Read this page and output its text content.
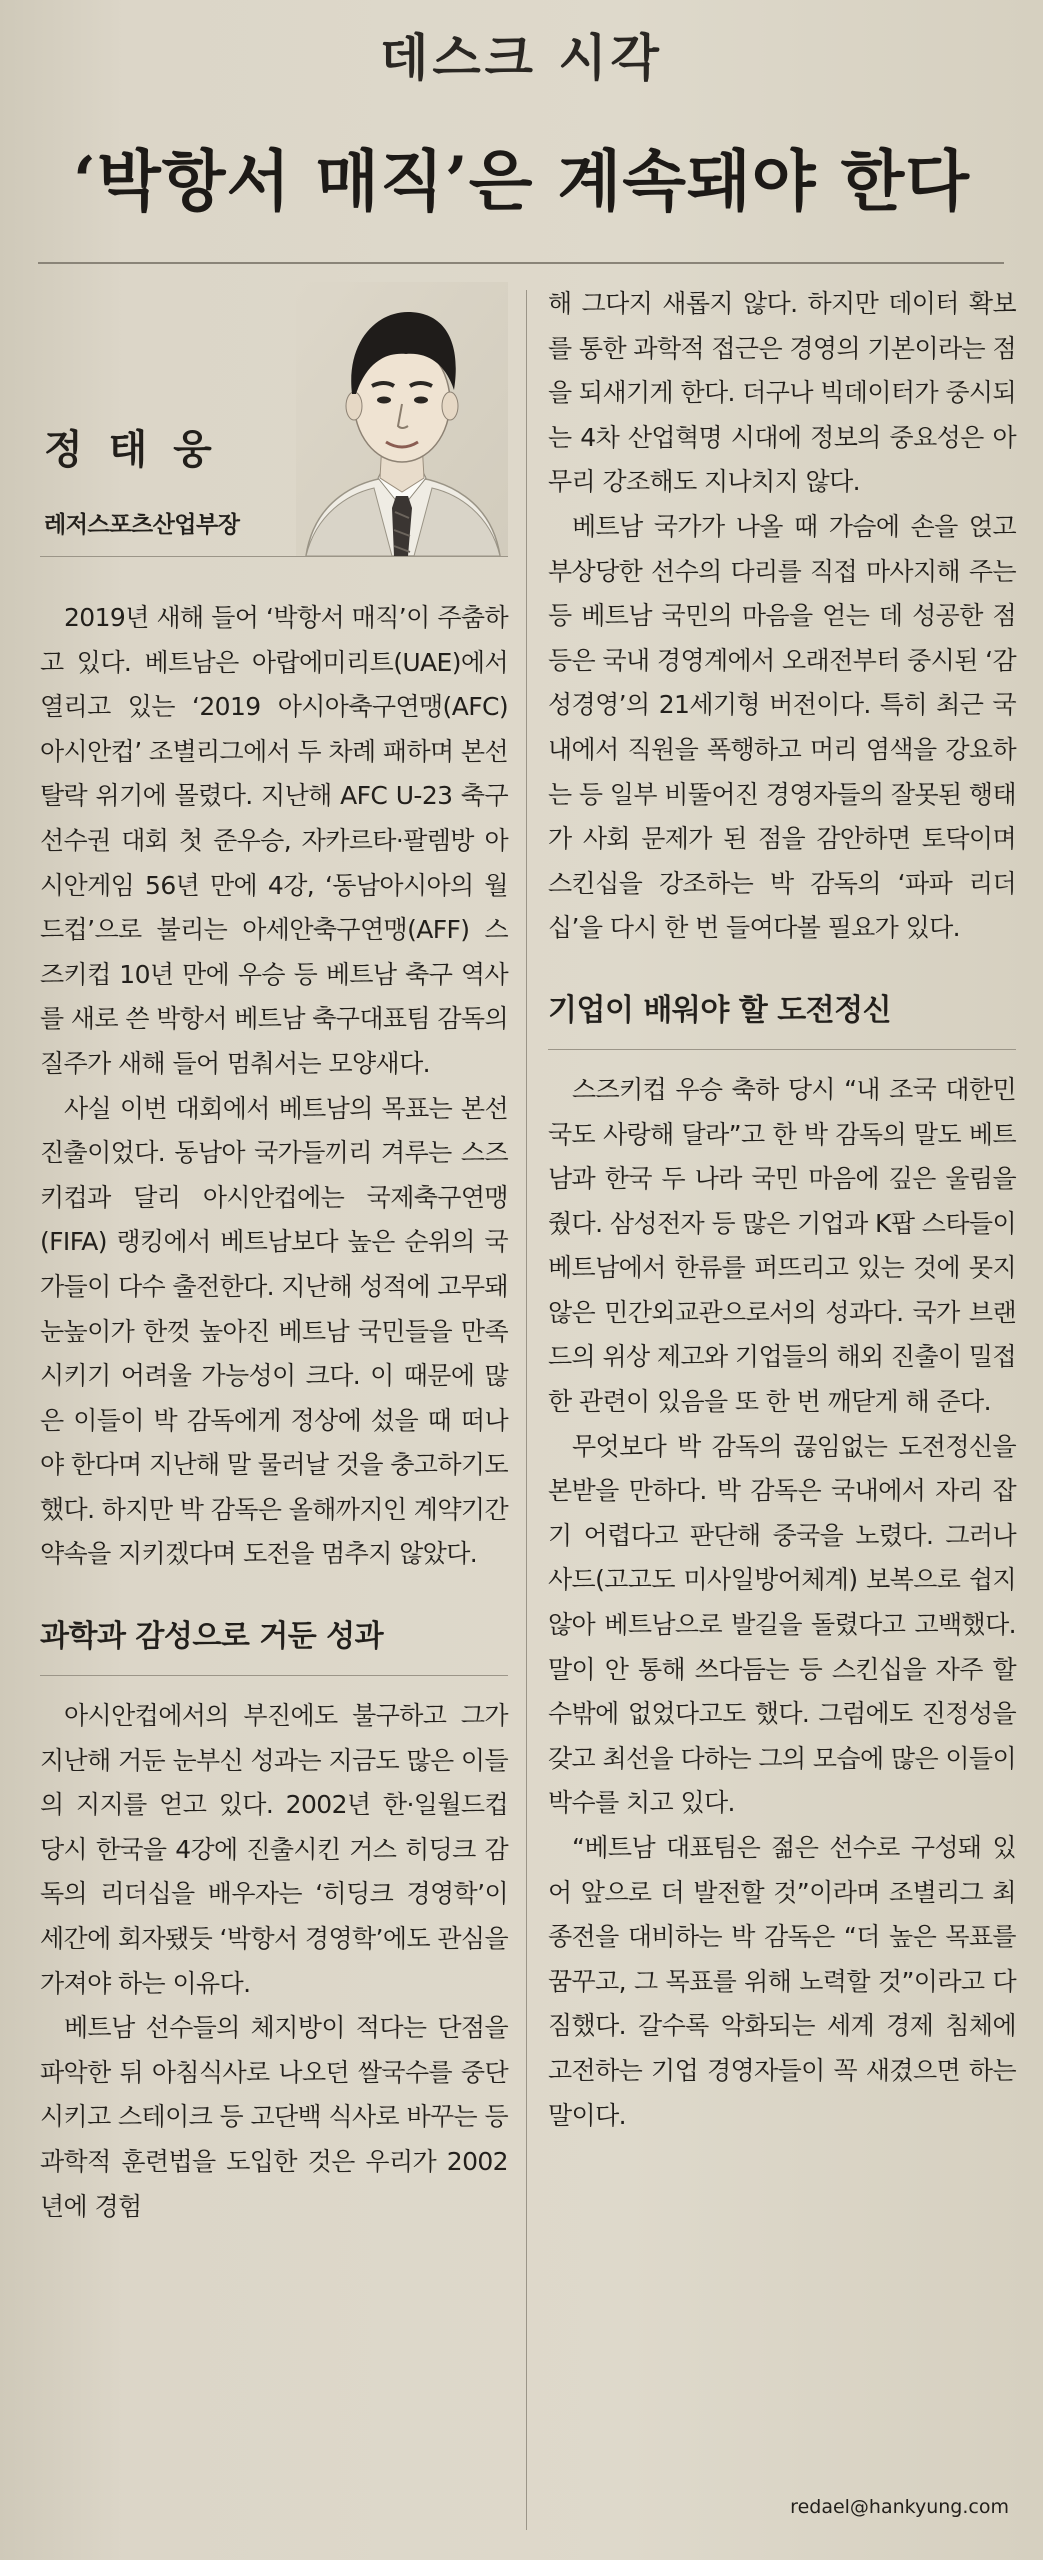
데스크 시각
‘박항서 매직’은 계속돼야 한다
정 태 웅
레저스포츠산업부장

2019년 새해 들어 ‘박항서 매직’이 주춤하고 있다. 베트남은 아랍에미리트(UAE)에서 열리고 있는 ‘2019 아시아축구연맹(AFC) 아시안컵’ 조별리그에서 두 차례 패하며 본선 탈락 위기에 몰렸다. 지난해 AFC U-23 축구 선수권 대회 첫 준우승, 자카르타·팔렘방 아시안게임 56년 만에 4강, ‘동남아시아의 월드컵’으로 불리는 아세안축구연맹(AFF) 스즈키컵 10년 만에 우승 등 베트남 축구 역사를 새로 쓴 박항서 베트남 축구대표팀 감독의 질주가 새해 들어 멈춰서는 모양새다.

사실 이번 대회에서 베트남의 목표는 본선 진출이었다. 동남아 국가들끼리 겨루는 스즈키컵과 달리 아시안컵에는 국제축구연맹(FIFA) 랭킹에서 베트남보다 높은 순위의 국가들이 다수 출전한다. 지난해 성적에 고무돼 눈높이가 한껏 높아진 베트남 국민들을 만족시키기 어려울 가능성이 크다. 이 때문에 많은 이들이 박 감독에게 정상에 섰을 때 떠나야 한다며 지난해 말 물러날 것을 충고하기도 했다. 하지만 박 감독은 올해까지인 계약기간 약속을 지키겠다며 도전을 멈추지 않았다.

과학과 감성으로 거둔 성과

아시안컵에서의 부진에도 불구하고 그가 지난해 거둔 눈부신 성과는 지금도 많은 이들의 지지를 얻고 있다. 2002년 한·일월드컵 당시 한국을 4강에 진출시킨 거스 히딩크 감독의 리더십을 배우자는 ‘히딩크 경영학’이 세간에 회자됐듯 ‘박항서 경영학’에도 관심을 가져야 하는 이유다.

베트남 선수들의 체지방이 적다는 단점을 파악한 뒤 아침식사로 나오던 쌀국수를 중단시키고 스테이크 등 고단백 식사로 바꾸는 등 과학적 훈련법을 도입한 것은 우리가 2002년에 경험

해 그다지 새롭지 않다. 하지만 데이터 확보를 통한 과학적 접근은 경영의 기본이라는 점을 되새기게 한다. 더구나 빅데이터가 중시되는 4차 산업혁명 시대에 정보의 중요성은 아무리 강조해도 지나치지 않다.

베트남 국가가 나올 때 가슴에 손을 얹고 부상당한 선수의 다리를 직접 마사지해 주는 등 베트남 국민의 마음을 얻는 데 성공한 점 등은 국내 경영계에서 오래전부터 중시된 ‘감성경영’의 21세기형 버전이다. 특히 최근 국내에서 직원을 폭행하고 머리 염색을 강요하는 등 일부 비뚤어진 경영자들의 잘못된 행태가 사회 문제가 된 점을 감안하면 토닥이며 스킨십을 강조하는 박 감독의 ‘파파 리더십’을 다시 한 번 들여다볼 필요가 있다.

기업이 배워야 할 도전정신

스즈키컵 우승 축하 당시 “내 조국 대한민국도 사랑해 달라”고 한 박 감독의 말도 베트남과 한국 두 나라 국민 마음에 깊은 울림을 줬다. 삼성전자 등 많은 기업과 K팝 스타들이 베트남에서 한류를 퍼뜨리고 있는 것에 못지않은 민간외교관으로서의 성과다. 국가 브랜드의 위상 제고와 기업들의 해외 진출이 밀접한 관련이 있음을 또 한 번 깨닫게 해 준다.

무엇보다 박 감독의 끊임없는 도전정신을 본받을 만하다. 박 감독은 국내에서 자리 잡기 어렵다고 판단해 중국을 노렸다. 그러나 사드(고고도 미사일방어체계) 보복으로 쉽지 않아 베트남으로 발길을 돌렸다고 고백했다. 말이 안 통해 쓰다듬는 등 스킨십을 자주 할 수밖에 없었다고도 했다. 그럼에도 진정성을 갖고 최선을 다하는 그의 모습에 많은 이들이 박수를 치고 있다.

“베트남 대표팀은 젊은 선수로 구성돼 있어 앞으로 더 발전할 것”이라며 조별리그 최종전을 대비하는 박 감독은 “더 높은 목표를 꿈꾸고, 그 목표를 위해 노력할 것”이라고 다짐했다. 갈수록 악화되는 세계 경제 침체에 고전하는 기업 경영자들이 꼭 새겼으면 하는 말이다.

redael@hankyung.com
